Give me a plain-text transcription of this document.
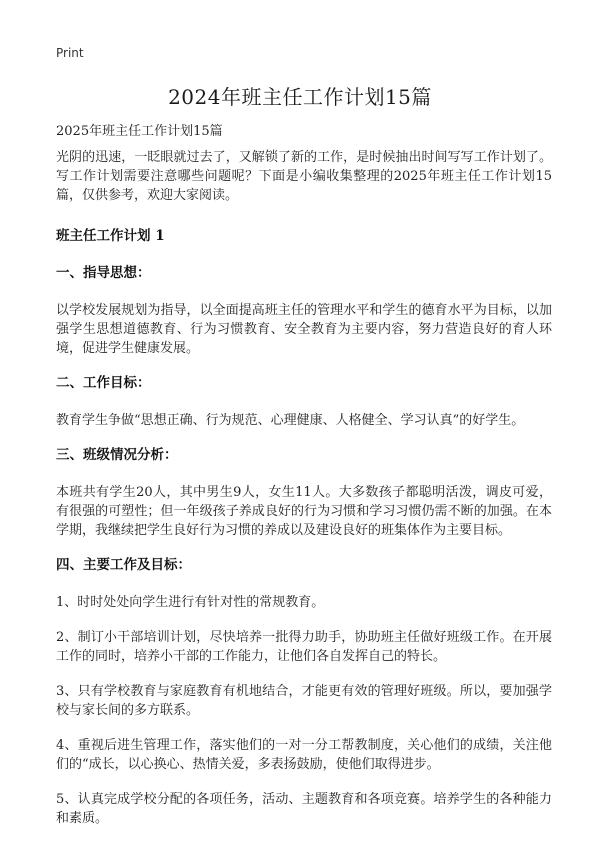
Print
2024年班主任工作计划15篇
2025年班主任工作计划15篇

光阴的迅速，一眨眼就过去了，又解锁了新的工作，是时候抽出时间写写工作计划了。写工作计划需要注意哪些问题呢？下面是小编收集整理的2025年班主任工作计划15篇，仅供参考，欢迎大家阅读。

班主任工作计划 1
一、指导思想：

以学校发展规划为指导，以全面提高班主任的管理水平和学生的德育水平为目标，以加强学生思想道德教育、行为习惯教育、安全教育为主要内容，努力营造良好的育人环境，促进学生健康发展。

二、工作目标：

教育学生争做“思想正确、行为规范、心理健康、人格健全、学习认真”的好学生。

三、班级情况分析：

本班共有学生20人，其中男生9人，女生11人。大多数孩子都聪明活泼，调皮可爱，有很强的可塑性；但一年级孩子养成良好的行为习惯和学习习惯仍需不断的加强。在本学期，我继续把学生良好行为习惯的养成以及建设良好的班集体作为主要目标。

四、主要工作及目标：

1、时时处处向学生进行有针对性的常规教育。

2、制订小干部培训计划，尽快培养一批得力助手，协助班主任做好班级工作。在开展工作的同时，培养小干部的工作能力，让他们各自发挥自己的特长。

3、只有学校教育与家庭教育有机地结合，才能更有效的管理好班级。所以，要加强学校与家长间的多方联系。

4、重视后进生管理工作，落实他们的一对一分工帮教制度，关心他们的成绩，关注他们的“成长，以心换心、热情关爱，多表扬鼓励，使他们取得进步。

5、认真完成学校分配的各项任务，活动、主题教育和各项竞赛。培养学生的各种能力和素质。
